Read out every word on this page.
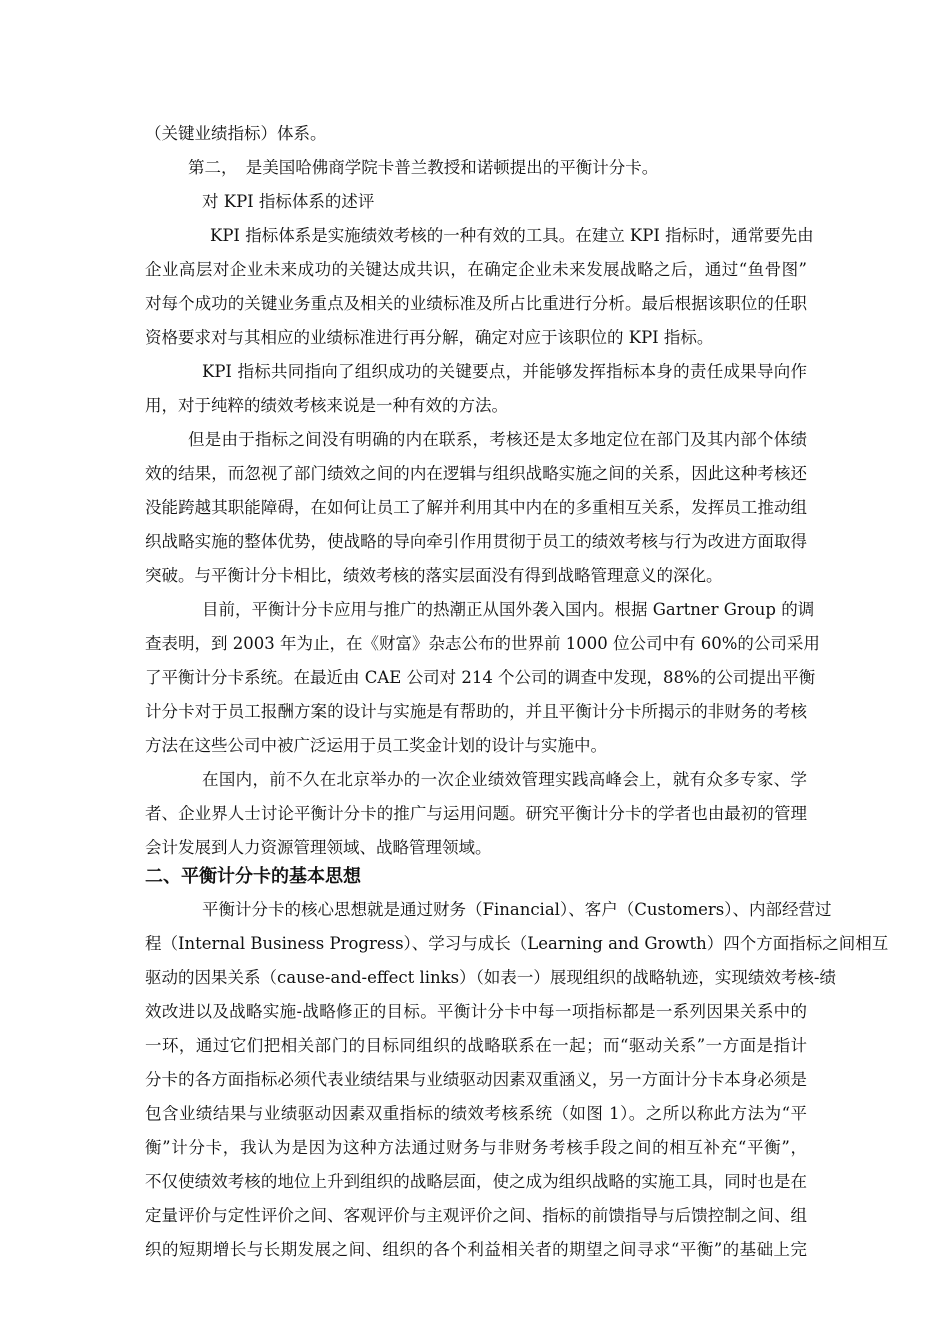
（关键业绩指标）体系。
第二，　是美国哈佛商学院卡普兰教授和诺顿提出的平衡计分卡。
对 KPI 指标体系的述评
KPI 指标体系是实施绩效考核的一种有效的工具。在建立 KPI 指标时，通常要先由
企业高层对企业未来成功的关键达成共识，在确定企业未来发展战略之后，通过“鱼骨图”
对每个成功的关键业务重点及相关的业绩标准及所占比重进行分析。最后根据该职位的任职
资格要求对与其相应的业绩标准进行再分解，确定对应于该职位的 KPI 指标。
KPI 指标共同指向了组织成功的关键要点，并能够发挥指标本身的责任成果导向作
用，对于纯粹的绩效考核来说是一种有效的方法。
但是由于指标之间没有明确的内在联系，考核还是太多地定位在部门及其内部个体绩
效的结果，而忽视了部门绩效之间的内在逻辑与组织战略实施之间的关系，因此这种考核还
没能跨越其职能障碍，在如何让员工了解并利用其中内在的多重相互关系，发挥员工推动组
织战略实施的整体优势，使战略的导向牵引作用贯彻于员工的绩效考核与行为改进方面取得
突破。与平衡计分卡相比，绩效考核的落实层面没有得到战略管理意义的深化。
目前，平衡计分卡应用与推广的热潮正从国外袭入国内。根据 Gartner Group 的调
查表明，到 2003 年为止，在《财富》杂志公布的世界前 1000 位公司中有 60%的公司采用
了平衡计分卡系统。在最近由 CAE 公司对 214 个公司的调查中发现，88%的公司提出平衡
计分卡对于员工报酬方案的设计与实施是有帮助的，并且平衡计分卡所揭示的非财务的考核
方法在这些公司中被广泛运用于员工奖金计划的设计与实施中。
在国内，前不久在北京举办的一次企业绩效管理实践高峰会上，就有众多专家、学
者、企业界人士讨论平衡计分卡的推广与运用问题。研究平衡计分卡的学者也由最初的管理
会计发展到人力资源管理领域、战略管理领域。
二、平衡计分卡的基本思想
平衡计分卡的核心思想就是通过财务（Financial）、客户（Customers）、内部经营过
程（Internal Business Progress）、学习与成长（Learning and Growth）四个方面指标之间相互
驱动的因果关系（cause-and-effect links）（如表一）展现组织的战略轨迹，实现绩效考核-绩
效改进以及战略实施-战略修正的目标。平衡计分卡中每一项指标都是一系列因果关系中的
一环，通过它们把相关部门的目标同组织的战略联系在一起；而“驱动关系”一方面是指计
分卡的各方面指标必须代表业绩结果与业绩驱动因素双重涵义，另一方面计分卡本身必须是
包含业绩结果与业绩驱动因素双重指标的绩效考核系统（如图 1）。之所以称此方法为“平
衡”计分卡，我认为是因为这种方法通过财务与非财务考核手段之间的相互补充“平衡”，
不仅使绩效考核的地位上升到组织的战略层面，使之成为组织战略的实施工具，同时也是在
定量评价与定性评价之间、客观评价与主观评价之间、指标的前馈指导与后馈控制之间、组
织的短期增长与长期发展之间、组织的各个利益相关者的期望之间寻求“平衡”的基础上完
